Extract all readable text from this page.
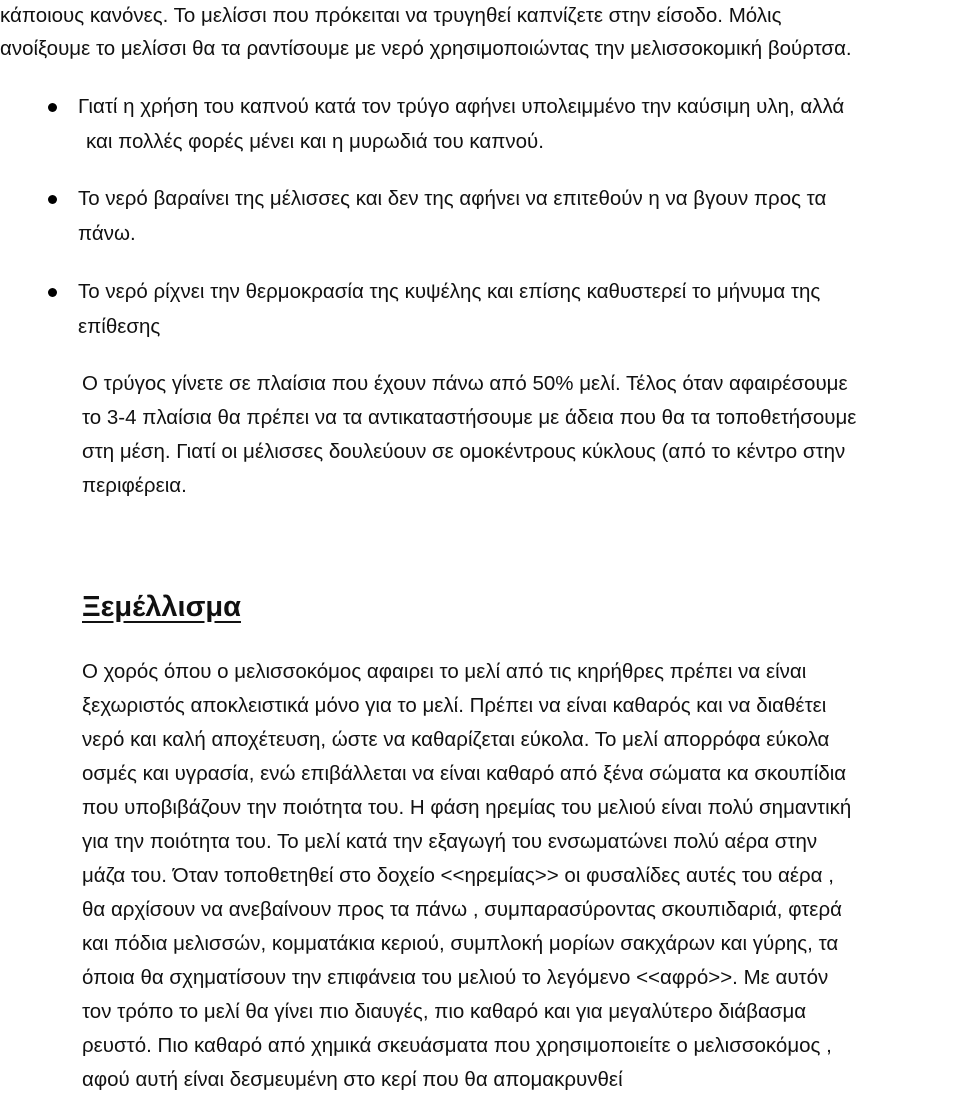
κάποιους κανόνες. Το μελίσσι που πρόκειται να τρυγηθεί καπνίζετε στην είσοδο. Μόλις

ανοίξουμε το μελίσσι θα τα ραντίσουμε με νερό χρησιμοποιώντας την μελισσοκομική βούρτσα.

Γιατί η χρήση του καπνού κατά τον τρύγο αφήνει υπολειμμένο την καύσιμη υλη, αλλά

και πολλές φορές μένει και η μυρωδιά του καπνού.

Το νερό βαραίνει της μέλισσες και δεν της αφήνει να επιτεθούν η να βγουν προς τα

πάνω.

Το νερό ρίχνει την θερμοκρασία της κυψέλης και επίσης καθυστερεί το μήνυμα της

επίθεσης

Ο τρύγος γίνετε σε πλαίσια που έχουν πάνω από 50% μελί. Τέλος όταν αφαιρέσουμε

το 3-4 πλαίσια θα πρέπει να τα αντικαταστήσουμε με άδεια που θα τα τοποθετήσουμε

στη μέση. Γιατί οι μέλισσες δουλεύουν σε ομοκέντρους κύκλους (από το κέντρο στην

περιφέρεια.

Ξεμέλλισμα

Ο χορός όπου ο μελισσοκόμος αφαιρει το μελί από τις κηρήθρες πρέπει να είναι

ξεχωριστός αποκλειστικά μόνο για το μελί. Πρέπει να είναι καθαρός και να διαθέτει

νερό και καλή αποχέτευση, ώστε να καθαρίζεται εύκολα. Το μελί απορρόφα εύκολα

οσμές και υγρασία, ενώ επιβάλλεται να είναι καθαρό από ξένα σώματα κα σκουπίδια

που υποβιβάζουν την ποιότητα του. Η φάση ηρεμίας του μελιού είναι πολύ σημαντική

για την ποιότητα του. Το μελί κατά την εξαγωγή του ενσωματώνει πολύ αέρα στην

μάζα του. Όταν τοποθετηθεί στο δοχείο <<ηρεμίας>> οι φυσαλίδες αυτές του αέρα ,

θα αρχίσουν να ανεβαίνουν προς τα πάνω , συμπαρασύροντας σκουπιδαριά, φτερά

και πόδια μελισσών, κομματάκια κεριού, συμπλοκή μορίων σακχάρων και γύρης, τα

όποια θα σχηματίσουν την επιφάνεια του μελιού το λεγόμενο <<αφρό>>. Με αυτόν

τον τρόπο το μελί θα γίνει πιο διαυγές, πιο καθαρό και για μεγαλύτερο διάβασμα

ρευστό. Πιο καθαρό από χημικά σκευάσματα που χρησιμοποιείτε ο μελισσοκόμος ,

αφού αυτή είναι δεσμευμένη στο κερί που θα απομακρυνθεί
